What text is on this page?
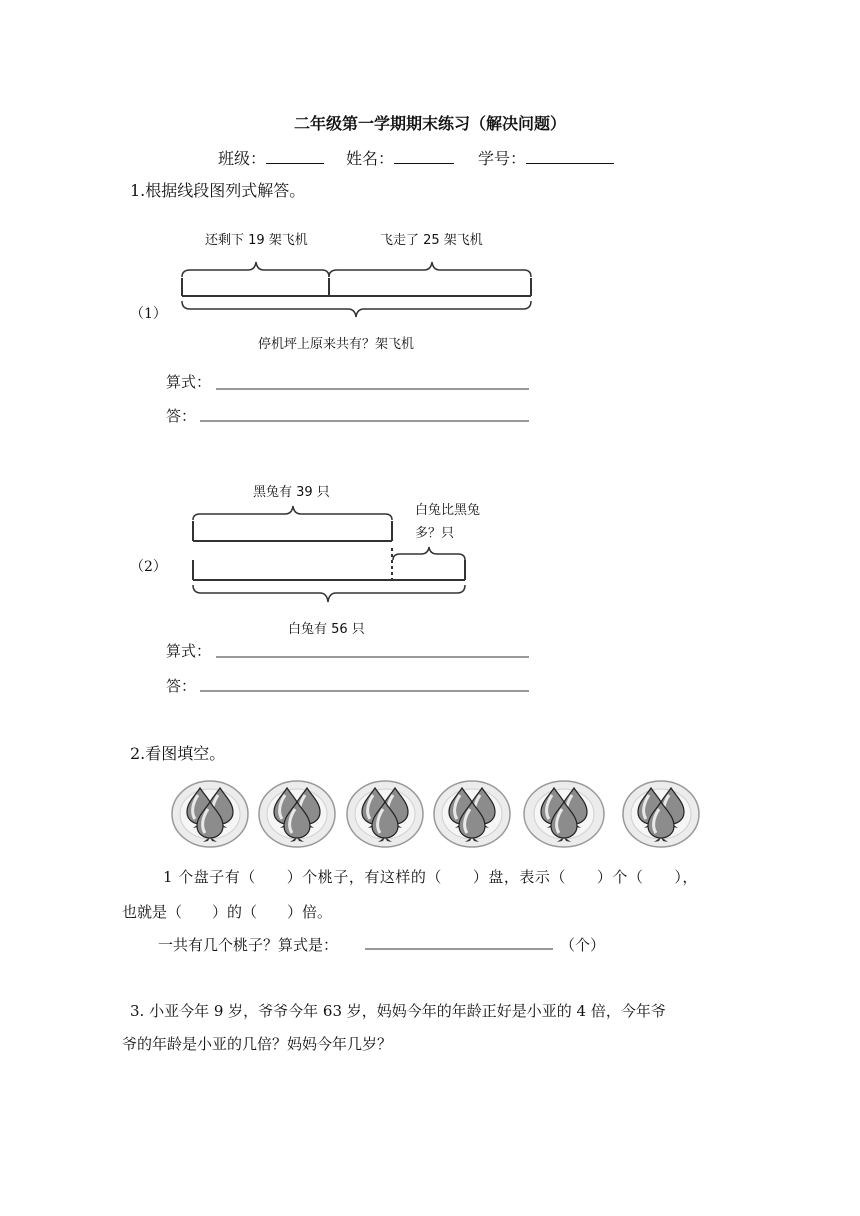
二年级第一学期期末练习（解决问题）
班级：	姓名：	学号：
1.根据线段图列式解答。
还剩下 19 架飞机	飞走了 25 架飞机
（1）
停机坪上原来共有？架飞机
算式：
答：
黑兔有 39 只
白兔比黑兔
多？只
（2）
白兔有 56 只
算式：
答：
2.看图填空。
1 个盘子有（　　）个桃子，有这样的（　　）盘，表示（　　）个（　　），
也就是（　　）的（　　）倍。
一共有几个桃子？算式是：	（个）
3. 小亚今年 9 岁，爷爷今年 63 岁，妈妈今年的年龄正好是小亚的 4 倍，今年爷
爷的年龄是小亚的几倍？妈妈今年几岁？
